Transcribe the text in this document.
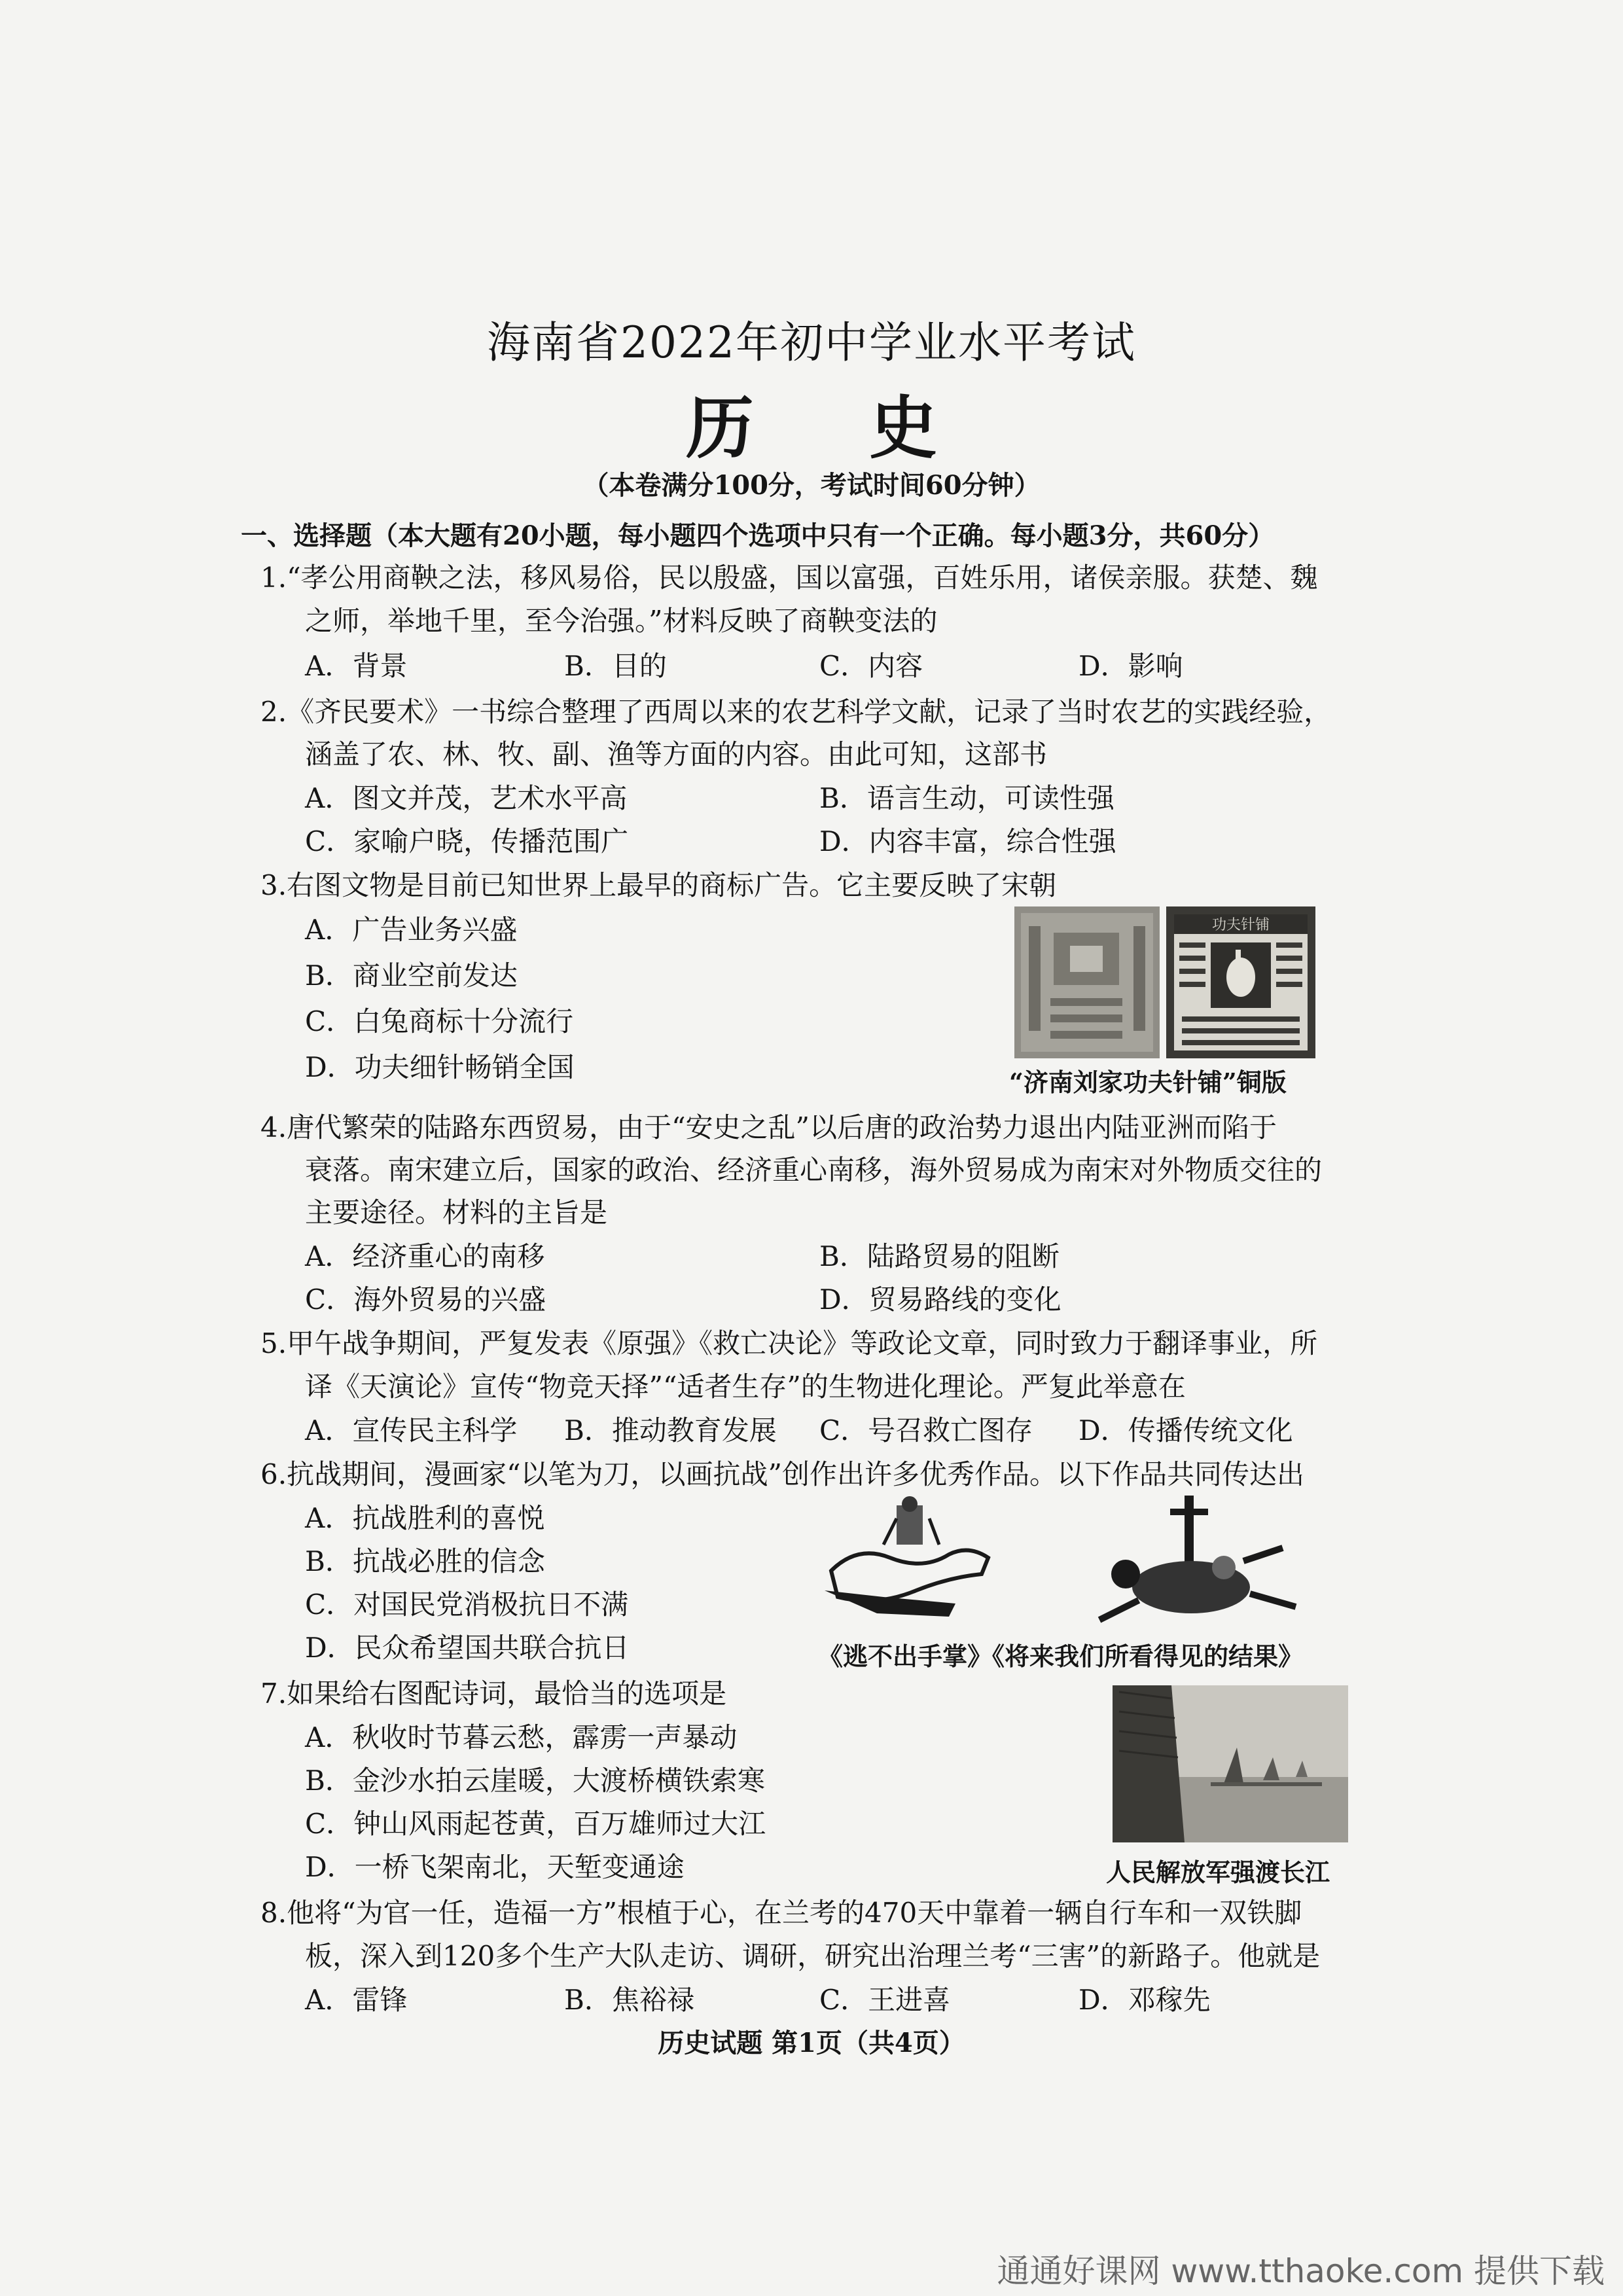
海南省2022年初中学业水平考试
历 史
（本卷满分100分，考试时间60分钟）
一、选择题（本大题有20小题，每小题四个选项中只有一个正确。每小题3分，共60分）
1.“孝公用商鞅之法，移风易俗，民以殷盛，国以富强，百姓乐用，诸侯亲服。获楚、魏
之师，举地千里，至今治强。”材料反映了商鞅变法的
A．背景	B．目的	C．内容	D．影响
2.《齐民要术》一书综合整理了西周以来的农艺科学文献，记录了当时农艺的实践经验，
涵盖了农、林、牧、副、渔等方面的内容。由此可知，这部书
A．图文并茂，艺术水平高	B．语言生动，可读性强
C．家喻户晓，传播范围广	D．内容丰富，综合性强
3.右图文物是目前已知世界上最早的商标广告。它主要反映了宋朝
A．广告业务兴盛
B．商业空前发达
C．白兔商标十分流行
D．功夫细针畅销全国
功夫针铺
“济南刘家功夫针铺”铜版
4.唐代繁荣的陆路东西贸易，由于“安史之乱”以后唐的政治势力退出内陆亚洲而陷于
衰落。南宋建立后，国家的政治、经济重心南移，海外贸易成为南宋对外物质交往的
主要途径。材料的主旨是
A．经济重心的南移	B．陆路贸易的阻断
C．海外贸易的兴盛	D．贸易路线的变化
5.甲午战争期间，严复发表《原强》《救亡决论》等政论文章，同时致力于翻译事业，所
译《天演论》宣传“物竞天择”“适者生存”的生物进化理论。严复此举意在
A．宣传民主科学 B．推动教育发展 C．号召救亡图存 D．传播传统文化
6.抗战期间，漫画家“以笔为刀，以画抗战”创作出许多优秀作品。以下作品共同传达出
A．抗战胜利的喜悦
B．抗战必胜的信念
C．对国民党消极抗日不满
D．民众希望国共联合抗日	《逃不出手掌》《将来我们所看得见的结果》
7.如果给右图配诗词，最恰当的选项是
A．秋收时节暮云愁，霹雳一声暴动
B．金沙水拍云崖暖，大渡桥横铁索寒
C．钟山风雨起苍黄，百万雄师过大江
D．一桥飞架南北，天堑变通途	人民解放军强渡长江
8.他将“为官一任，造福一方”根植于心，在兰考的470天中靠着一辆自行车和一双铁脚
板，深入到120多个生产大队走访、调研，研究出治理兰考“三害”的新路子。他就是
A．雷锋	B．焦裕禄	C．王进喜	D．邓稼先
历史试题 第1页（共4页）
通通好课网 www.tthaoke.com 提供下载
